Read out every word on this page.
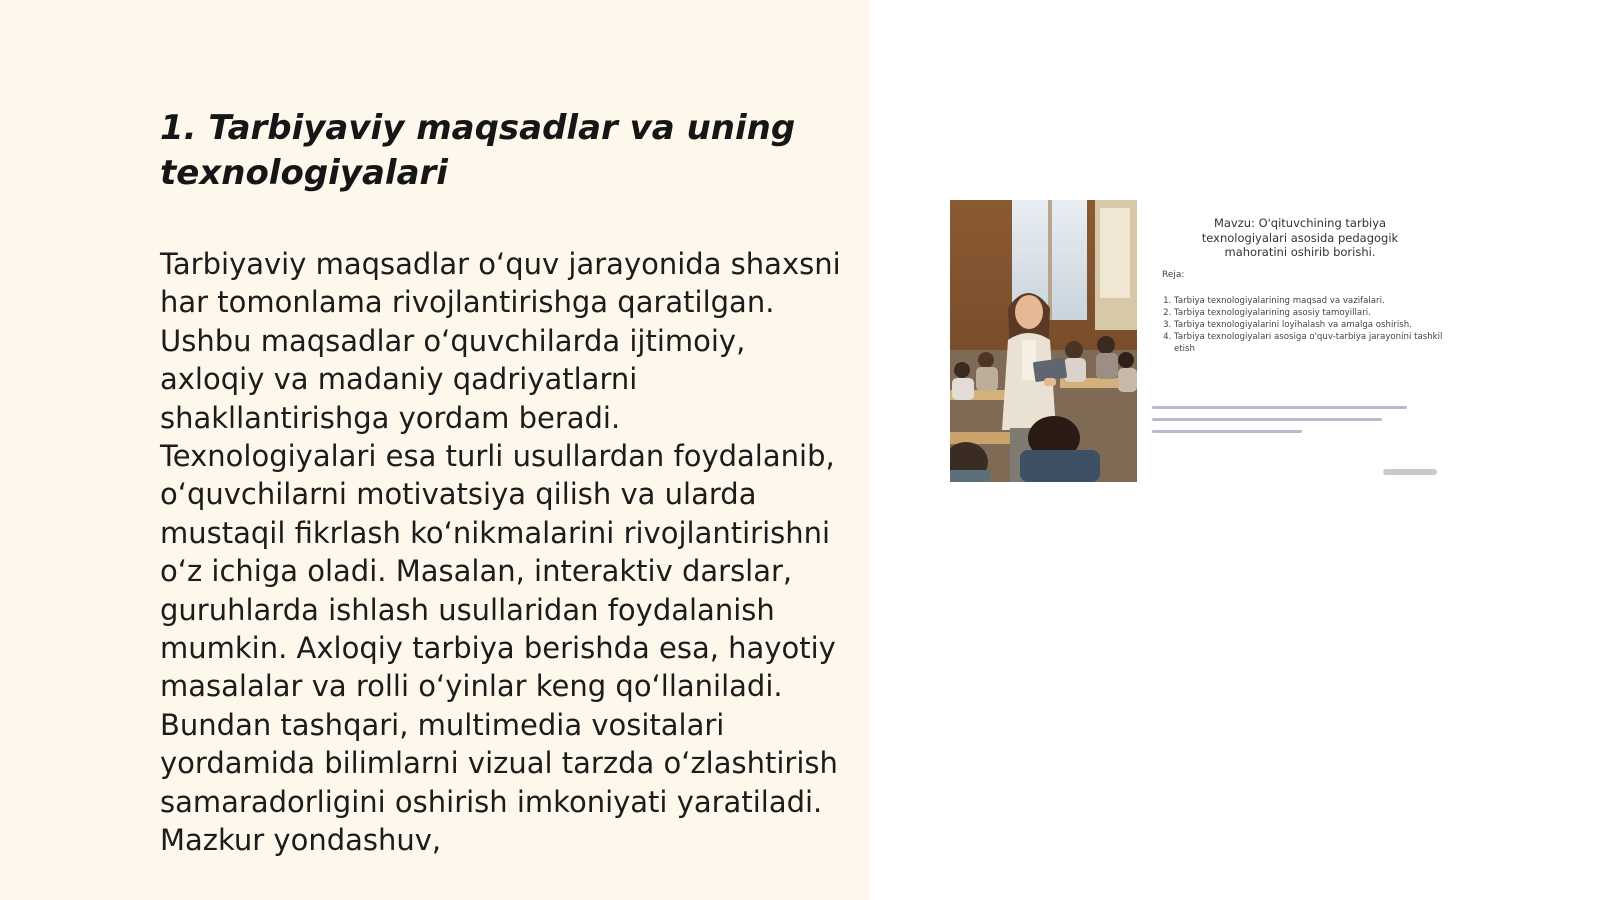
1. Tarbiyaviy maqsadlar va uning texnologiyalari

Tarbiyaviy maqsadlar o‘quv jarayonida shaxsni har tomonlama rivojlantirishga qaratilgan. Ushbu maqsadlar o‘quvchilarda ijtimoiy, axloqiy va madaniy qadriyatlarni shakllantirishga yordam beradi. Texnologiyalari esa turli usullardan foydalanib, o‘quvchilarni motivatsiya qilish va ularda mustaqil fikrlash ko‘nikmalarini rivojlantirishni o‘z ichiga oladi. Masalan, interaktiv darslar, guruhlarda ishlash usullaridan foydalanish mumkin. Axloqiy tarbiya berishda esa, hayotiy masalalar va rolli o‘yinlar keng qo‘llaniladi. Bundan tashqari, multimedia vositalari yordamida bilimlarni vizual tarzda o‘zlashtirish samaradorligini oshirish imkoniyati yaratiladi. Mazkur yondashuv,

Mavzu: O'qituvchining tarbiya texnologiyalari asosida pedagogik mahoratini oshirib borishi.
Reja:
1. Tarbiya texnologiyalarining maqsad va vazifalari.
2. Tarbiya texnologiyalarining asosiy tamoyillari.
3. Tarbiya texnologiyalarini loyihalash va amalga oshirish.
4. Tarbiya texnologiyalari asosiga o'quv-tarbiya jarayonini tashkil etish
